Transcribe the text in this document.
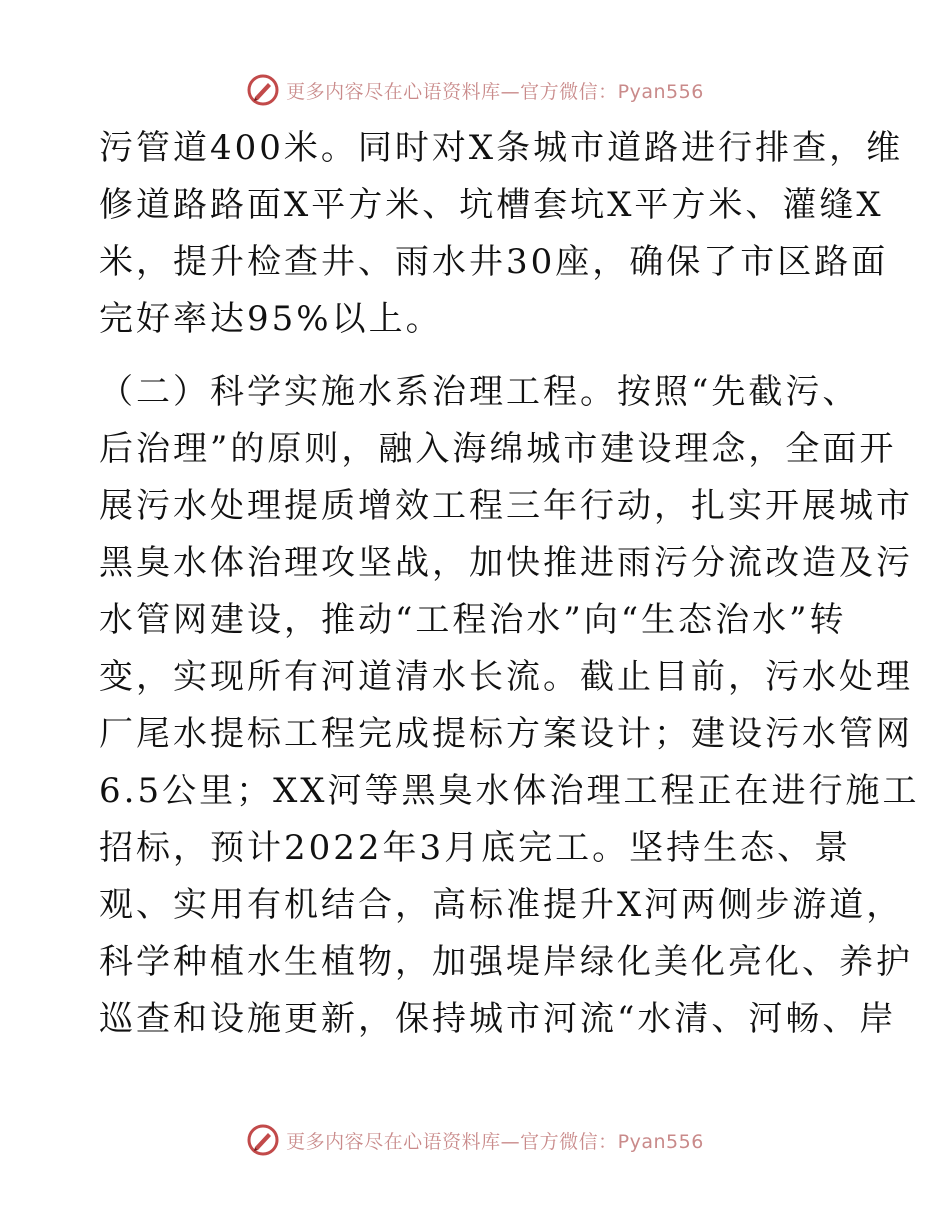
更多内容尽在心语资料库—官方微信：Pyan556
污管道400米。同时对X条城市道路进行排查，维
修道路路面X平方米、坑槽套坑X平方米、灌缝X
米，提升检查井、雨水井30座，确保了市区路面
完好率达95%以上。
（二）科学实施水系治理工程。按照“先截污、
后治理”的原则，融入海绵城市建设理念，全面开
展污水处理提质增效工程三年行动，扎实开展城市
黑臭水体治理攻坚战，加快推进雨污分流改造及污
水管网建设，推动“工程治水”向“生态治水”转
变，实现所有河道清水长流。截止目前，污水处理
厂尾水提标工程完成提标方案设计；建设污水管网
6.5公里；XX河等黑臭水体治理工程正在进行施工
招标，预计2022年3月底完工。坚持生态、景
观、实用有机结合，高标准提升X河两侧步游道，
科学种植水生植物，加强堤岸绿化美化亮化、养护
巡查和设施更新，保持城市河流“水清、河畅、岸
更多内容尽在心语资料库—官方微信：Pyan556
